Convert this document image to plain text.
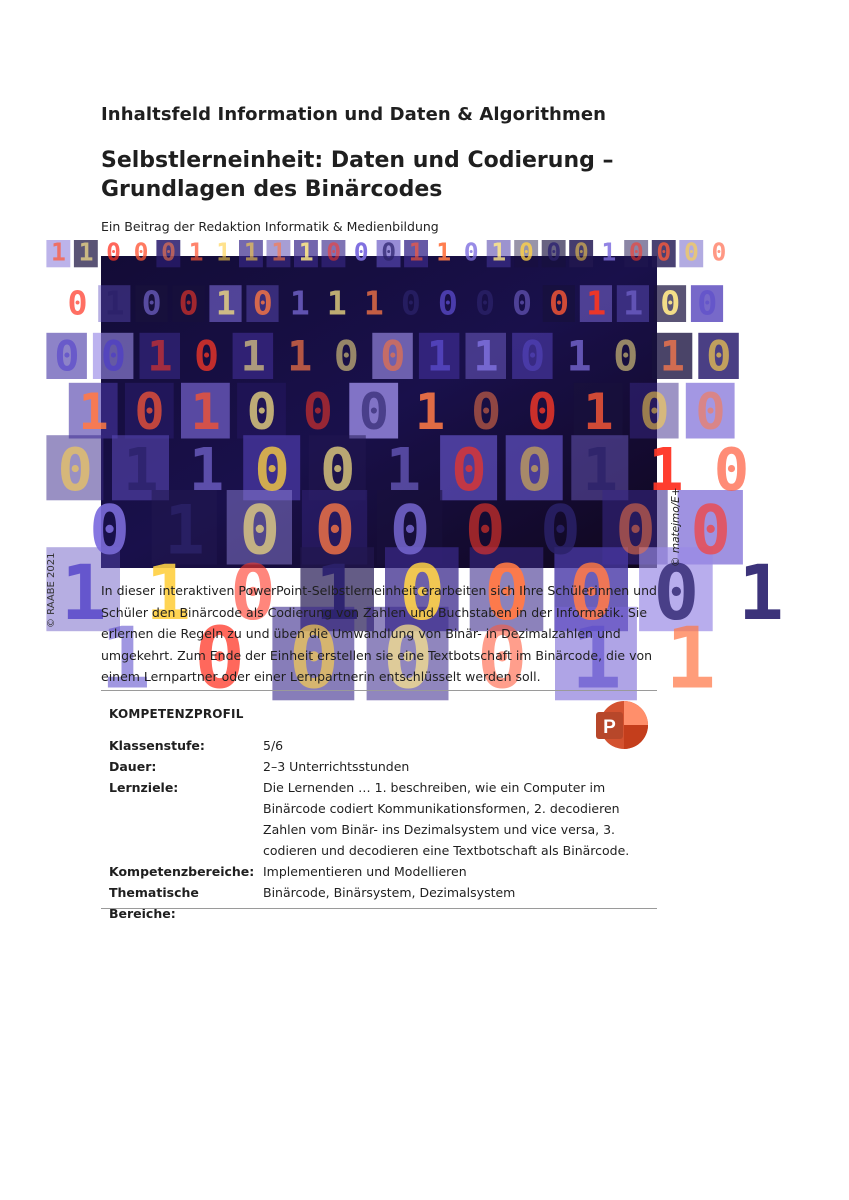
Inhaltsfeld Information und Daten & Algorithmen
Selbstlerneinheit: Daten und Codierung – Grundlagen des Binärcodes
Ein Beitrag der Redaktion Informatik & Medienbildung
1 1 0 0 0 1 1 1 1 1 0 0 0 1 1 0 1 0 0 0 1 0 0 0 0
0 1 0 0 1 0 1 1 1 0 0 0 0 0 1 1 0 0
0 0 1 0 1 1 0 0 1 1 0 1 0 1 0
1 0 1 0 0 0 1 0 0 1 0 0
0 1 1 0 0 1 0 0 1 1 0
0 1 0 0 0 0 0 0 0
1 1 0 1 0 0 0 0 1
1 0 0 0 0 1 1
© matejmo/E+
© RAABE 2021	In dieser interaktiven PowerPoint-Selbstlerneinheit erarbeiten sich Ihre Schülerinnen und Schüler den Binärcode als Codierung von Zahlen und Buchstaben in der Informatik. Sie erlernen die Regeln zu und üben die Umwandlung von Binär- in Dezimalzahlen und umgekehrt. Zum Ende der Einheit erstellen sie eine Textbotschaft im Binärcode, die von einem Lernpartner oder einer Lernpartnerin entschlüsselt werden soll.

KOMPETENZPROFIL
P
Klassenstufe:	5/6
Dauer:	2–3 Unterrichtsstunden
Lernziele:	Die Lernenden … 1. beschreiben, wie ein Computer im Binärcode codiert Kommunikationsformen, 2. decodieren Zahlen vom Binär- ins Dezimalsystem und vice versa, 3. codieren und decodieren eine Textbotschaft als Binärcode.
Kompetenzbereiche: Implementieren und Modellieren
Thematische Bereiche:
Binärcode, Binärsystem, Dezimalsystem
